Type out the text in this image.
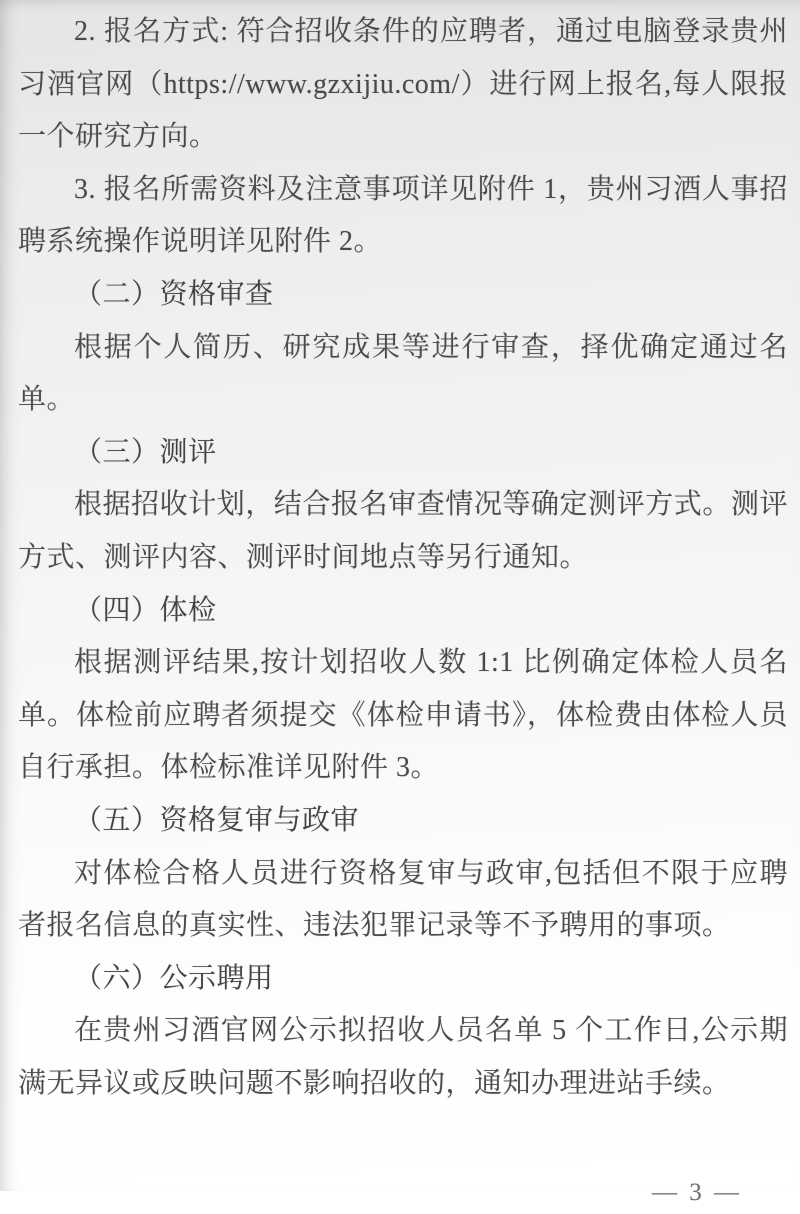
2. 报名方式: 符合招收条件的应聘者，通过电脑登录贵州习酒官网（https://www.gzxijiu.com/）进行网上报名,每人限报一个研究方向。

3. 报名所需资料及注意事项详见附件 1，贵州习酒人事招聘系统操作说明详见附件 2。

（二）资格审查

根据个人简历、研究成果等进行审查，择优确定通过名单。

（三）测评

根据招收计划，结合报名审查情况等确定测评方式。测评方式、测评内容、测评时间地点等另行通知。

（四）体检

根据测评结果,按计划招收人数 1:1 比例确定体检人员名单。体检前应聘者须提交《体检申请书》，体检费由体检人员自行承担。体检标准详见附件 3。

（五）资格复审与政审

对体检合格人员进行资格复审与政审,包括但不限于应聘者报名信息的真实性、违法犯罪记录等不予聘用的事项。

（六）公示聘用

在贵州习酒官网公示拟招收人员名单 5 个工作日,公示期满无异议或反映问题不影响招收的，通知办理进站手续。

— 3 —
